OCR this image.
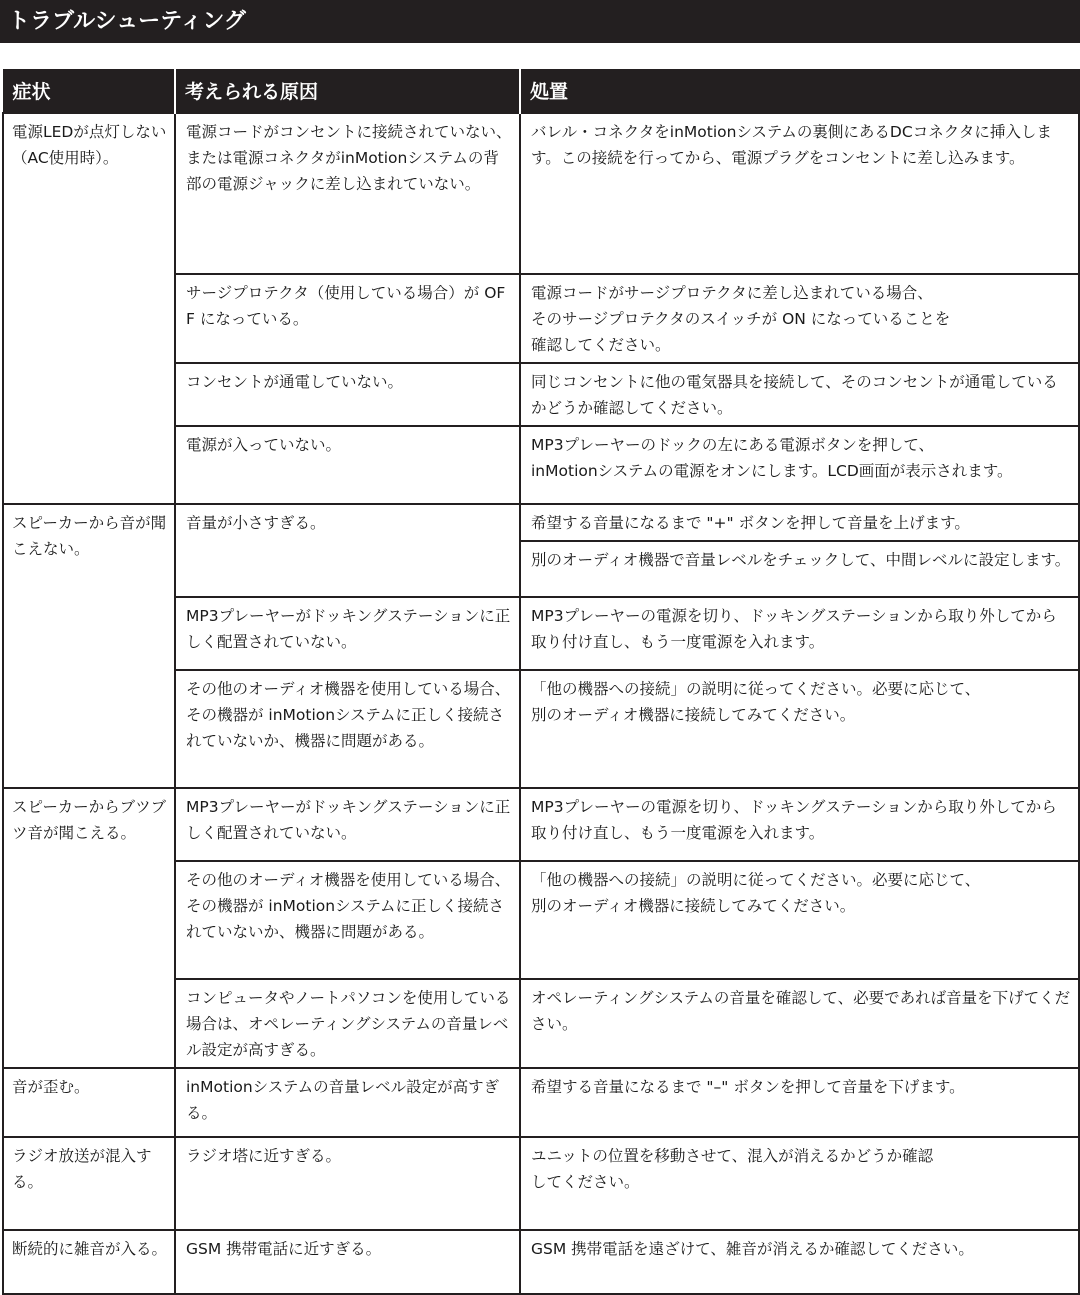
トラブルシューティング
症状	考えられる原因	処置
電源LEDが点灯しない（AC使用時）。	電源コードがコンセントに接続されていない、または電源コネクタがinMotionシステムの背部の電源ジャックに差し込まれていない。	バレル・コネクタをinMotionシステムの裏側にあるDCコネクタに挿入します。この接続を行ってから、電源プラグをコンセントに差し込みます。
	サージプロテクタ（使用している場合）が OFF になっている。	電源コードがサージプロテクタに差し込まれている場合、
そのサージプロテクタのスイッチが ON になっていることを
確認してください。
	コンセントが通電していない。	同じコンセントに他の電気器具を接続して、そのコンセントが通電しているかどうか確認してください。
	電源が入っていない。	MP3プレーヤーのドックの左にある電源ボタンを押して、
inMotionシステムの電源をオンにします。LCD画面が表示されます。
スピーカーから音が聞こえない。	音量が小さすぎる。	希望する音量になるまで "+" ボタンを押して音量を上げます。
		別のオーディオ機器で音量レベルをチェックして、中間レベルに設定します。
	MP3プレーヤーがドッキングステーションに正しく配置されていない。	MP3プレーヤーの電源を切り、ドッキングステーションから取り外してから取り付け直し、もう一度電源を入れます。
	その他のオーディオ機器を使用している場合、その機器が inMotionシステムに正しく接続されていないか、機器に問題がある。	「他の機器への接続」の説明に従ってください。必要に応じて、
別のオーディオ機器に接続してみてください。
スピーカーからブツブツ音が聞こえる。	MP3プレーヤーがドッキングステーションに正しく配置されていない。	MP3プレーヤーの電源を切り、ドッキングステーションから取り外してから取り付け直し、もう一度電源を入れます。
	その他のオーディオ機器を使用している場合、その機器が inMotionシステムに正しく接続されていないか、機器に問題がある。	「他の機器への接続」の説明に従ってください。必要に応じて、
別のオーディオ機器に接続してみてください。
	コンピュータやノートパソコンを使用している場合は、オペレーティングシステムの音量レベル設定が高すぎる。	オペレーティングシステムの音量を確認して、必要であれば音量を下げてください。
音が歪む。	inMotionシステムの音量レベル設定が高すぎる。	希望する音量になるまで "–" ボタンを押して音量を下げます。
ラジオ放送が混入する。	ラジオ塔に近すぎる。	ユニットの位置を移動させて、混入が消えるかどうか確認
してください。
断続的に雑音が入る。	GSM 携帯電話に近すぎる。	GSM 携帯電話を遠ざけて、雑音が消えるか確認してください。
